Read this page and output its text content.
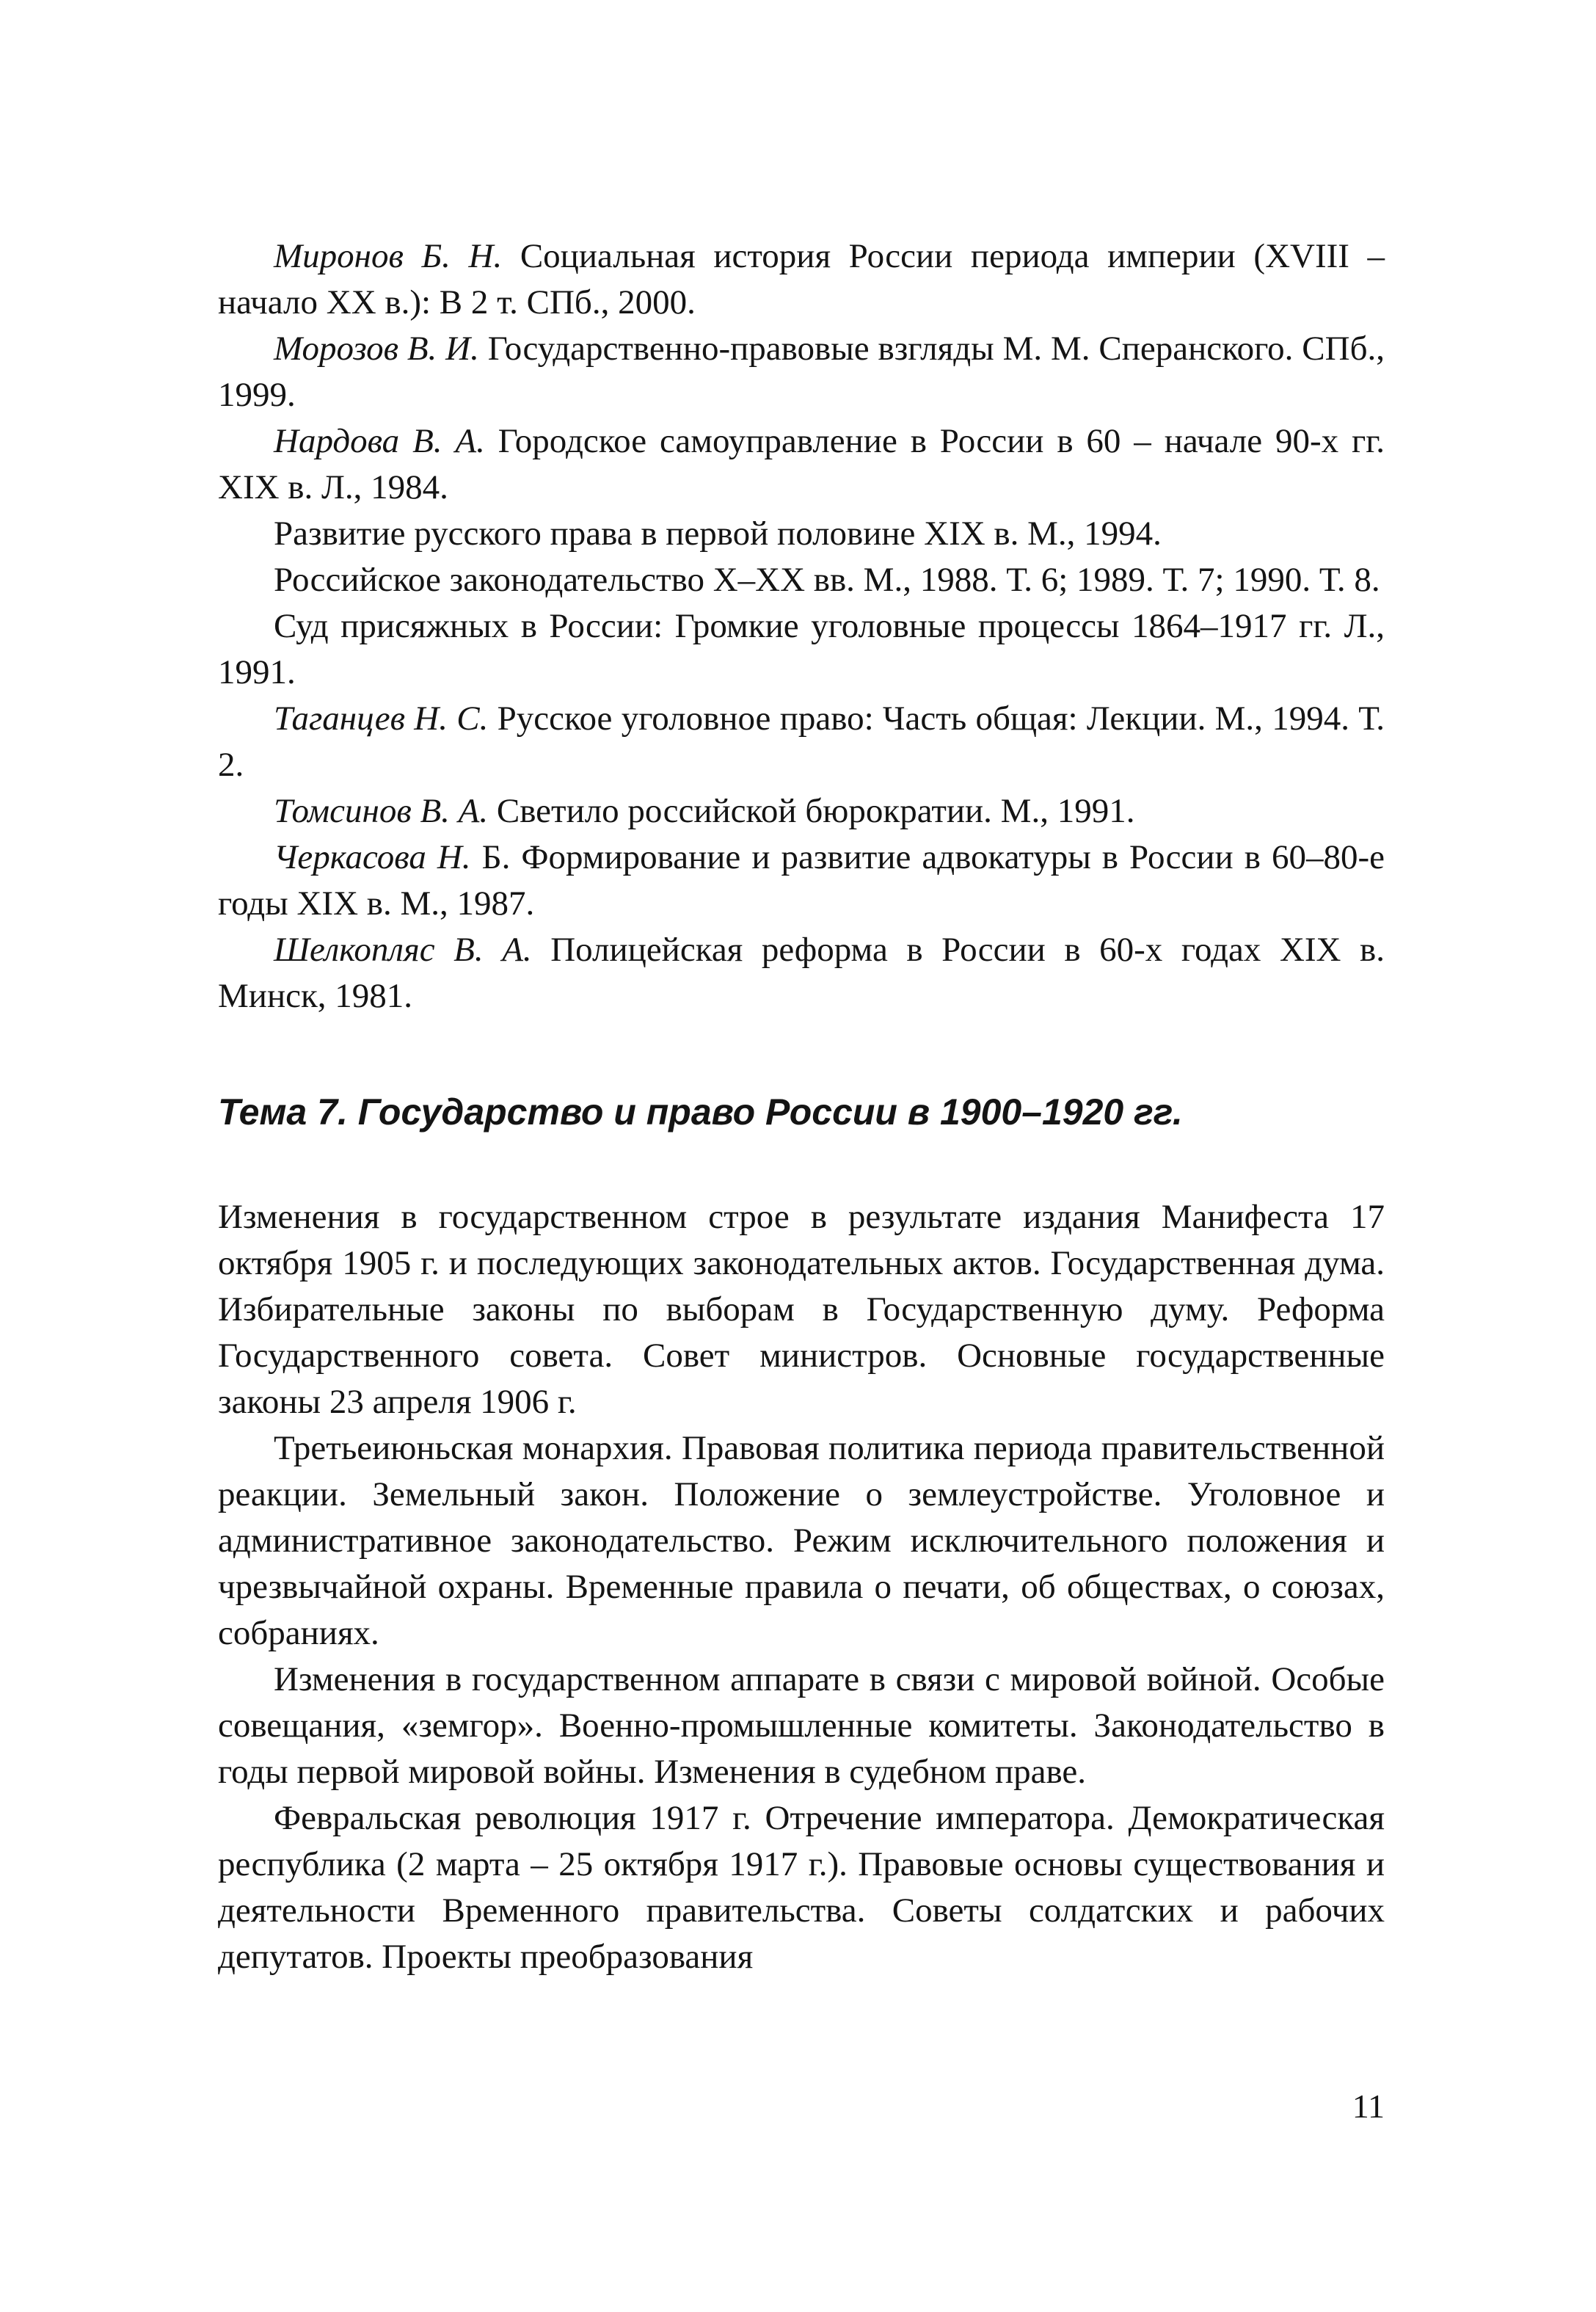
Миронов Б. Н. Социальная история России периода империи (XVIII – начало XX в.): В 2 т. СПб., 2000.

Морозов В. И. Государственно-правовые взгляды М. М. Сперанского. СПб., 1999.

Нардова В. А. Городское самоуправление в России в 60 – начале 90-х гг. XIX в. Л., 1984.

Развитие русского права в первой половине XIX в. М., 1994.

Российское законодательство X–XX вв. М., 1988. Т. 6; 1989. Т. 7; 1990. Т. 8.

Суд присяжных в России: Громкие уголовные процессы 1864–1917 гг. Л., 1991.

Таганцев Н. С. Русское уголовное право: Часть общая: Лекции. М., 1994. Т. 2.

Томсинов В. А. Светило российской бюрократии. М., 1991.

Черкасова Н. Б. Формирование и развитие адвокатуры в России в 60–80-е годы XIX в. М., 1987.

Шелкопляс В. А. Полицейская реформа в России в 60-х годах XIX в. Минск, 1981.

Тема 7. Государство и право России в 1900–1920 гг.

Изменения в государственном строе в результате издания Манифеста 17 октября 1905 г. и последующих законодательных актов. Государственная дума. Избирательные законы по выборам в Государственную думу. Реформа Государственного совета. Совет министров. Основные государственные законы 23 апреля 1906 г.

Третьеиюньская монархия. Правовая политика периода правительственной реакции. Земельный закон. Положение о землеустройстве. Уголовное и административное законодательство. Режим исключительного положения и чрезвычайной охраны. Временные правила о печати, об обществах, о союзах, собраниях.

Изменения в государственном аппарате в связи с мировой войной. Особые совещания, «земгор». Военно-промышленные комитеты. Законодательство в годы первой мировой войны. Изменения в судебном праве.

Февральская революция 1917 г. Отречение императора. Демократическая республика (2 марта – 25 октября 1917 г.). Правовые основы существования и деятельности Временного правительства. Советы солдатских и рабочих депутатов. Проекты преобразования

11
